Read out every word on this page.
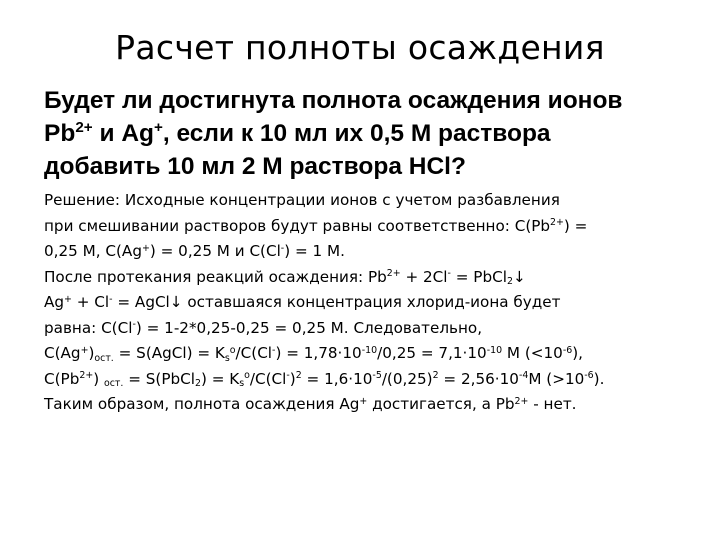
Расчет полноты осаждения
Будет ли достигнута полнота осаждения ионов
$Pb^{2+}$ и Ag+, если к 10 мл их 0,5 М раствора
добавить 10 мл 2 М раствора HCl?
Решение: Исходные концентрации ионов с учетом разбавления
при смешивании растворов будут равны соответственно: $С(Pb^{2+})$ =
0,25 М, С(Ag+) = 0,25 М и С(Cl-) = 1 М.
После протекания реакций осаждения: $Pb^{2+} + 2Cl^-$ = PbCl$_2$↓
Ag+ + Cl- = AgCl↓ оставшаяся концентрация хлорид-иона будет
равна: С(Cl-) = 1-2*0,25-0,25 = 0,25 М. Следовательно,
$С(Ag^+)_{ост.}$ = S(AgCl) = $K_s^o/C(Cl^-) = 1,78\cdot 10^{-10}/0,25 = 7,1\cdot 10^{-10}$ М $(<10^{-6})$,
$С(Pb^{2+}) _{ост.}$ = S(PbCl$_2$) = $K_s^o/C(Cl^-)^2 = 1,6\cdot 10^{-5}/(0,25)^2 = 2,56\cdot 10^{-4}М$ $(>10^{-6})$.
Таким образом, полнота осаждения Ag+ достигается, а $Pb^{2+}$ - нет.
